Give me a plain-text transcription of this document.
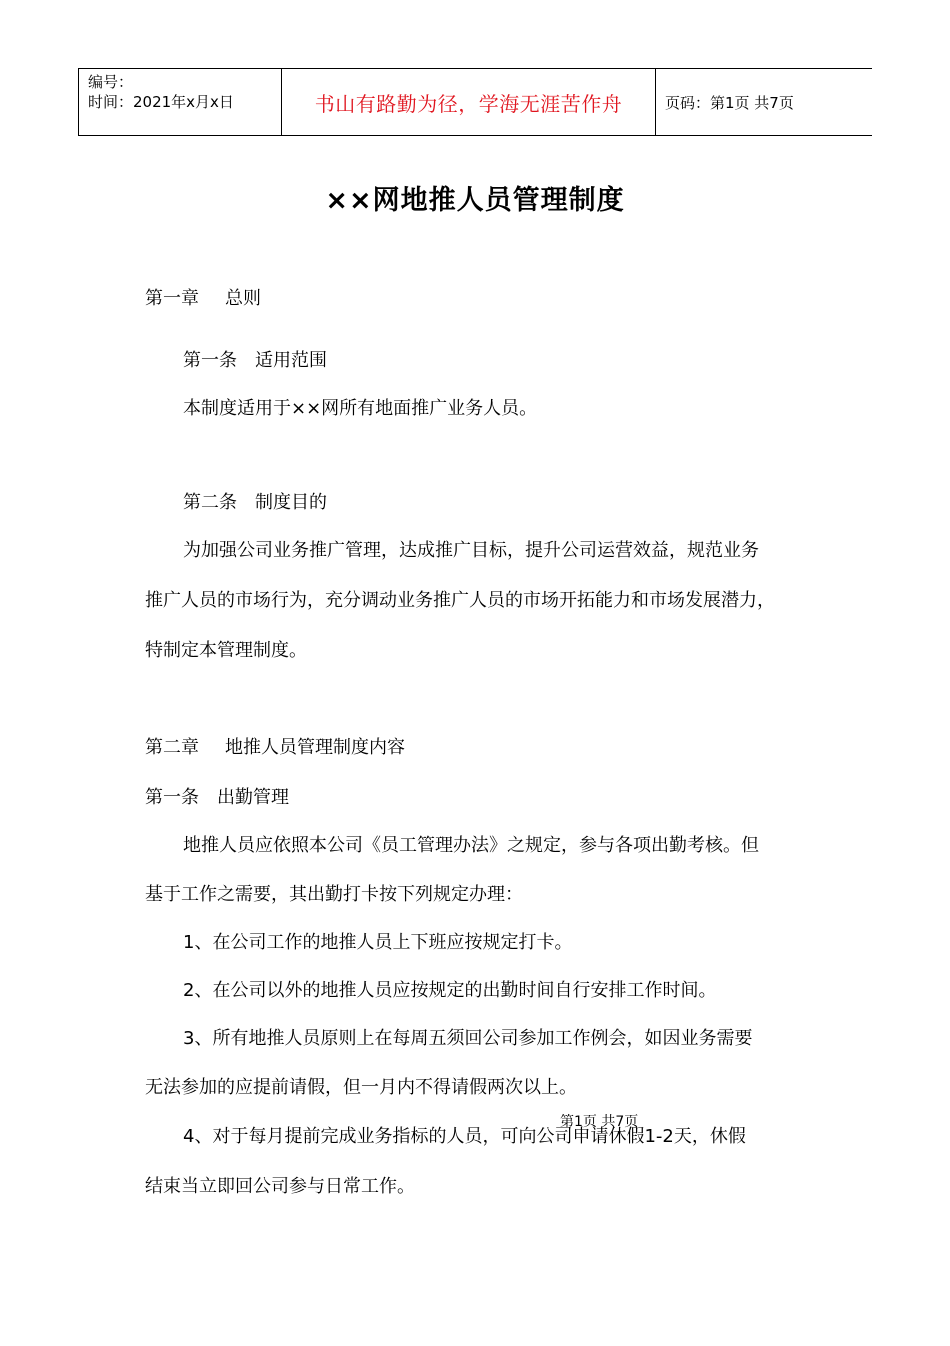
编号：
时间：2021年x月x日	书山有路勤为径，学海无涯苦作舟	页码：第1页 共7页
××网地推人员管理制度
第一章 总则
第一条 适用范围
本制度适用于××网所有地面推广业务人员。
第二条 制度目的
为加强公司业务推广管理，达成推广目标，提升公司运营效益，规范业务
推广人员的市场行为，充分调动业务推广人员的市场开拓能力和市场发展潜力，
特制定本管理制度。
第二章 地推人员管理制度内容
第一条 出勤管理
地推人员应依照本公司《员工管理办法》之规定，参与各项出勤考核。但
基于工作之需要，其出勤打卡按下列规定办理：
1、在公司工作的地推人员上下班应按规定打卡。
2、在公司以外的地推人员应按规定的出勤时间自行安排工作时间。
3、所有地推人员原则上在每周五须回公司参加工作例会，如因业务需要
无法参加的应提前请假，但一月内不得请假两次以上。
4、对于每月提前完成业务指标的人员，可向公司申请休假1-2天，休假
结束当立即回公司参与日常工作。
第1页 共7页
